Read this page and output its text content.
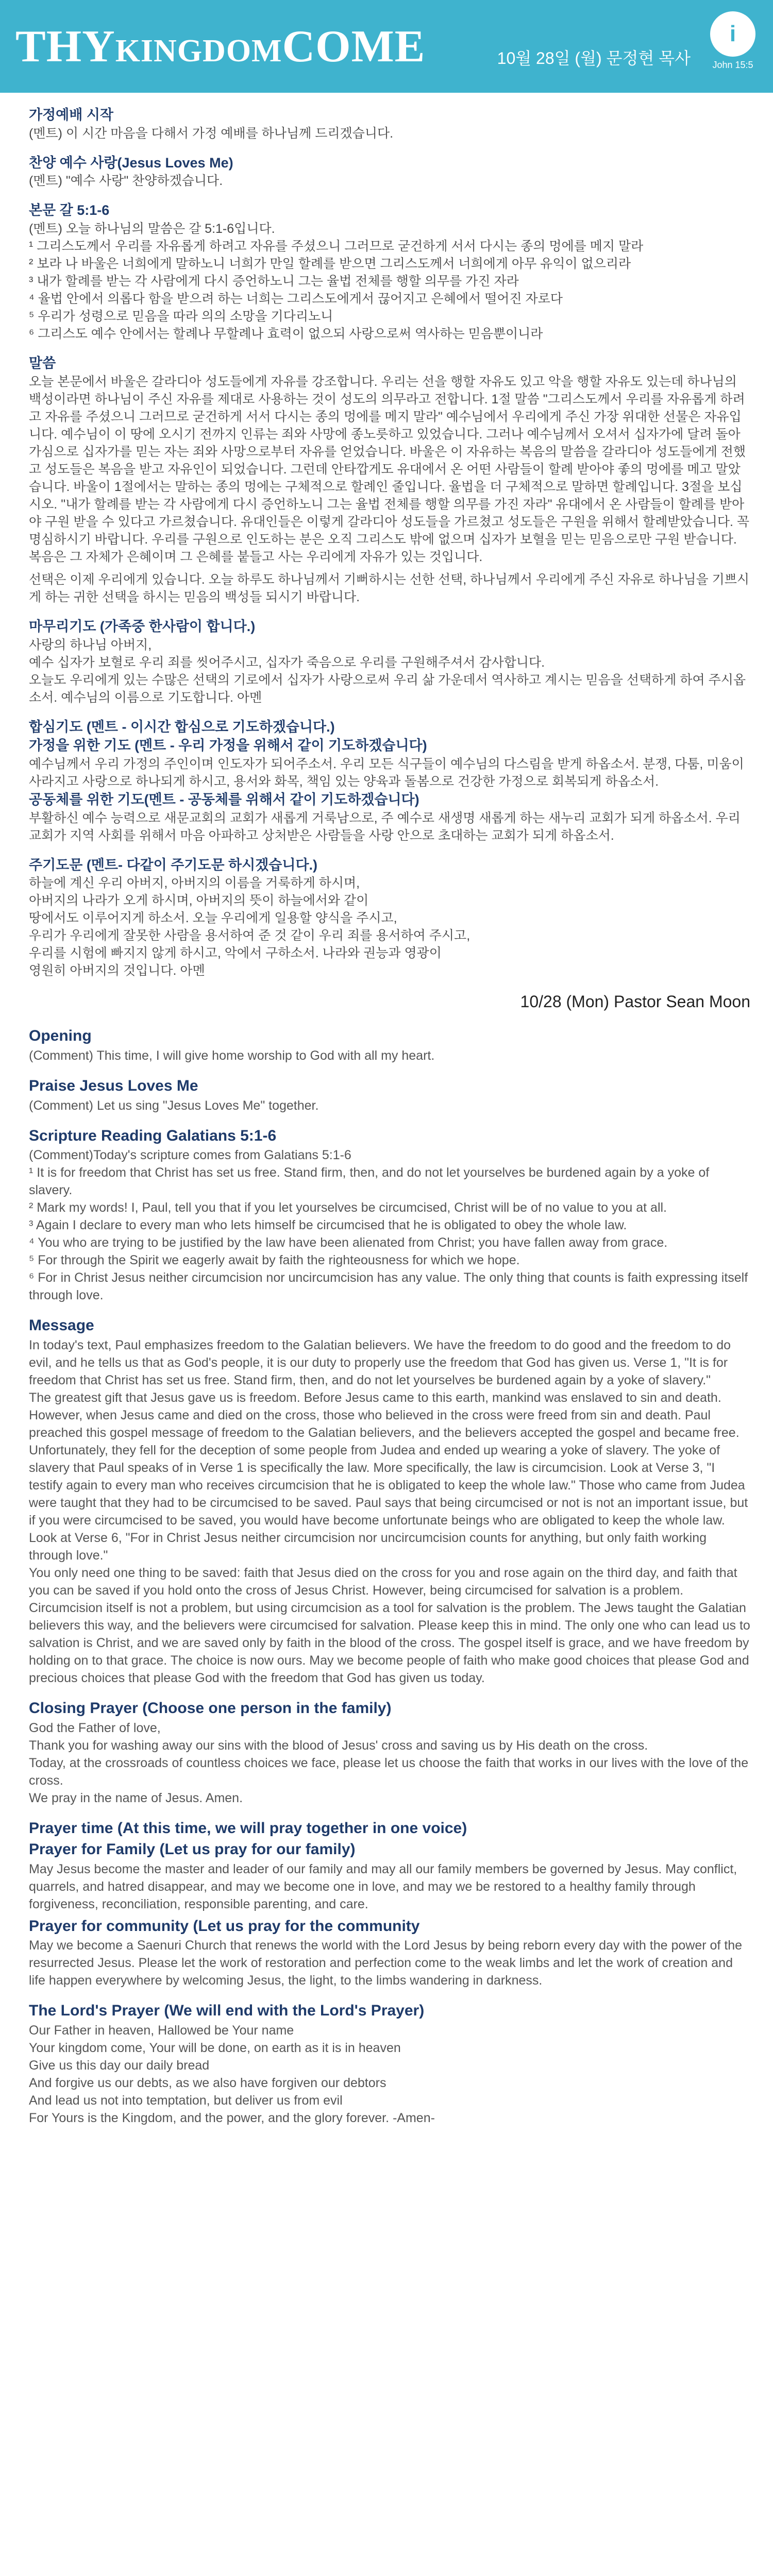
THYKINGDOMCOME	10월 28일 (월) 문정현 목사
i
John 15:5
가정예배 시작
(멘트) 이 시간 마음을 다해서 가정 예배를 하나님께 드리겠습니다.
찬양 예수 사랑(Jesus Loves Me)
(멘트) "예수 사랑" 찬양하겠습니다.
본문 갈 5:1-6
(멘트) 오늘 하나님의 말씀은 갈 5:1-6입니다.
¹ 그리스도께서 우리를 자유롭게 하려고 자유를 주셨으니 그러므로 굳건하게 서서 다시는 종의 멍에를 메지 말라
² 보라 나 바울은 너희에게 말하노니 너희가 만일 할례를 받으면 그리스도께서 너희에게 아무 유익이 없으리라
³ 내가 할례를 받는 각 사람에게 다시 증언하노니 그는 율법 전체를 행할 의무를 가진 자라
⁴ 율법 안에서 의롭다 함을 받으려 하는 너희는 그리스도에게서 끊어지고 은혜에서 떨어진 자로다
⁵ 우리가 성령으로 믿음을 따라 의의 소망을 기다리노니
⁶ 그리스도 예수 안에서는 할례나 무할례나 효력이 없으되 사랑으로써 역사하는 믿음뿐이니라
말씀
오늘 본문에서 바울은 갈라디아 성도들에게 자유를 강조합니다. 우리는 선을 행할 자유도 있고 악을 행할 자유도 있는데 하나님의 백성이라면 하나님이 주신 자유를 제대로 사용하는 것이 성도의 의무라고 전합니다. 1절 말씀 "그리스도께서 우리를 자유롭게 하려고 자유를 주셨으니 그러므로 굳건하게 서서 다시는 종의 멍에를 메지 말라" 예수님에서 우리에게 주신 가장 위대한 선물은 자유입니다. 예수님이 이 땅에 오시기 전까지 인류는 죄와 사망에 종노릇하고 있었습니다. 그러나 예수님께서 오셔서 십자가에 달려 돌아가심으로 십자가를 믿는 자는 죄와 사망으로부터 자유를 얻었습니다. 바울은 이 자유하는 복음의 말씀을 갈라디아 성도들에게 전했고 성도들은 복음을 받고 자유인이 되었습니다. 그런데 안타깝게도 유대에서 온 어떤 사람들이 할례 받아야 좋의 멍에를 메고 말았습니다. 바울이 1절에서는 말하는 종의 멍에는 구체적으로 할례인 줄입니다. 율법을 더 구체적으로 말하면 할례입니다. 3절을 보십시오. "내가 할례를 받는 각 사람에게 다시 증언하노니 그는 율법 전체를 행할 의무를 가진 자라" 유대에서 온 사람들이 할례를 받아야 구원 받을 수 있다고 가르쳤습니다. 유대인들은 이렇게 갈라디아 성도들을 가르쳤고 성도들은 구원을 위해서 할례받았습니다. 꼭 명심하시기 바랍니다. 우리를 구원으로 인도하는 분은 오직 그리스도 밖에 없으며 십자가 보혈을 믿는 믿음으로만 구원 받습니다. 복음은 그 자체가 은혜이며 그 은혜를 붙들고 사는 우리에게 자유가 있는 것입니다.
선택은 이제 우리에게 있습니다. 오늘 하루도 하나님께서 기뻐하시는 선한 선택, 하나님께서 우리에게 주신 자유로 하나님을 기쁘시게 하는 귀한 선택을 하시는 믿음의 백성들 되시기 바랍니다.
마무리기도 (가족중 한사람이 합니다.)
사랑의 하나님 아버지,
예수 십자가 보혈로 우리 죄를 씻어주시고, 십자가 죽음으로 우리를 구원해주셔서 감사합니다.
오늘도 우리에게 있는 수많은 선택의 기로에서 십자가 사랑으로써 우리 삶 가운데서 역사하고 계시는 믿음을 선택하게 하여 주시옵소서. 예수님의 이름으로 기도합니다. 아멘
합심기도 (멘트 - 이시간 합심으로 기도하겠습니다.)
가정을 위한 기도 (멘트 - 우리 가정을 위해서 같이 기도하겠습니다)
예수님께서 우리 가정의 주인이며 인도자가 되어주소서. 우리 모든 식구들이 예수님의 다스림을 받게 하옵소서. 분쟁, 다툼, 미움이 사라지고 사랑으로 하나되게 하시고, 용서와 화목, 책임 있는 양육과 돌봄으로 건강한 가정으로 회복되게 하옵소서.
공동체를 위한 기도(멘트 - 공동체를 위해서 같이 기도하겠습니다)
부활하신 예수 능력으로 새문교회의 교회가 새롭게 거룩남으로, 주 예수로 새생명 새롭게 하는 새누리 교회가 되게 하옵소서. 우리 교회가 지역 사회를 위해서 마음 아파하고 상처받은 사람들을 사랑 안으로 초대하는 교회가 되게 하옵소서.
주기도문 (멘트- 다같이 주기도문 하시겠습니다.)
하늘에 계신 우리 아버지, 아버지의 이름을 거룩하게 하시며,
아버지의 나라가 오게 하시며, 아버지의 뜻이 하늘에서와 같이
땅에서도 이루어지게 하소서. 오늘 우리에게 일용할 양식을 주시고,
우리가 우리에게 잘못한 사람을 용서하여 준 것 같이 우리 죄를 용서하여 주시고,
우리를 시험에 빠지지 않게 하시고, 악에서 구하소서. 나라와 권능과 영광이
영원히 아버지의 것입니다. 아멘
10/28 (Mon) Pastor Sean Moon
Opening
(Comment) This time, I will give home worship to God with all my heart.
Praise Jesus Loves Me
(Comment) Let us sing "Jesus Loves Me" together.
Scripture Reading Galatians 5:1-6
(Comment)Today's scripture comes from Galatians 5:1-6
¹ It is for freedom that Christ has set us free. Stand firm, then, and do not let yourselves be burdened again by a yoke of slavery.
² Mark my words! I, Paul, tell you that if you let yourselves be circumcised, Christ will be of no value to you at all.
³ Again I declare to every man who lets himself be circumcised that he is obligated to obey the whole law.
⁴ You who are trying to be justified by the law have been alienated from Christ; you have fallen away from grace.
⁵ For through the Spirit we eagerly await by faith the righteousness for which we hope.
⁶ For in Christ Jesus neither circumcision nor uncircumcision has any value. The only thing that counts is faith expressing itself through love.
Message
In today's text, Paul emphasizes freedom to the Galatian believers. We have the freedom to do good and the freedom to do evil, and he tells us that as God's people, it is our duty to properly use the freedom that God has given us. Verse 1, "It is for freedom that Christ has set us free. Stand firm, then, and do not let yourselves be burdened again by a yoke of slavery."
The greatest gift that Jesus gave us is freedom. Before Jesus came to this earth, mankind was enslaved to sin and death. However, when Jesus came and died on the cross, those who believed in the cross were freed from sin and death. Paul preached this gospel message of freedom to the Galatian believers, and the believers accepted the gospel and became free. Unfortunately, they fell for the deception of some people from Judea and ended up wearing a yoke of slavery. The yoke of slavery that Paul speaks of in Verse 1 is specifically the law. More specifically, the law is circumcision. Look at Verse 3, "I testify again to every man who receives circumcision that he is obligated to keep the whole law." Those who came from Judea were taught that they had to be circumcised to be saved. Paul says that being circumcised or not is not an important issue, but if you were circumcised to be saved, you would have become unfortunate beings who are obligated to keep the whole law. Look at Verse 6, "For in Christ Jesus neither circumcision nor uncircumcision counts for anything, but only faith working through love."
You only need one thing to be saved: faith that Jesus died on the cross for you and rose again on the third day, and faith that you can be saved if you hold onto the cross of Jesus Christ. However, being circumcised for salvation is a problem. Circumcision itself is not a problem, but using circumcision as a tool for salvation is the problem. The Jews taught the Galatian believers this way, and the believers were circumcised for salvation. Please keep this in mind. The only one who can lead us to salvation is Christ, and we are saved only by faith in the blood of the cross. The gospel itself is grace, and we have freedom by holding on to that grace. The choice is now ours. May we become people of faith who make good choices that please God and precious choices that please God with the freedom that God has given us today.
Closing Prayer (Choose one person in the family)
God the Father of love,
Thank you for washing away our sins with the blood of Jesus' cross and saving us by His death on the cross.
Today, at the crossroads of countless choices we face, please let us choose the faith that works in our lives with the love of the cross.
We pray in the name of Jesus. Amen.
Prayer time (At this time, we will pray together in one voice)
Prayer for Family (Let us pray for our family)
May Jesus become the master and leader of our family and may all our family members be governed by Jesus. May conflict, quarrels, and hatred disappear, and may we become one in love, and may we be restored to a healthy family through forgiveness, reconciliation, responsible parenting, and care.
Prayer for community (Let us pray for the community
May we become a Saenuri Church that renews the world with the Lord Jesus by being reborn every day with the power of the resurrected Jesus. Please let the work of restoration and perfection come to the weak limbs and let the work of creation and life happen everywhere by welcoming Jesus, the light, to the limbs wandering in darkness.
The Lord's Prayer (We will end with the Lord's Prayer)
Our Father in heaven, Hallowed be Your name
Your kingdom come, Your will be done, on earth as it is in heaven
Give us this day our daily bread
And forgive us our debts, as we also have forgiven our debtors
And lead us not into temptation, but deliver us from evil
For Yours is the Kingdom, and the power, and the glory forever. -Amen-
